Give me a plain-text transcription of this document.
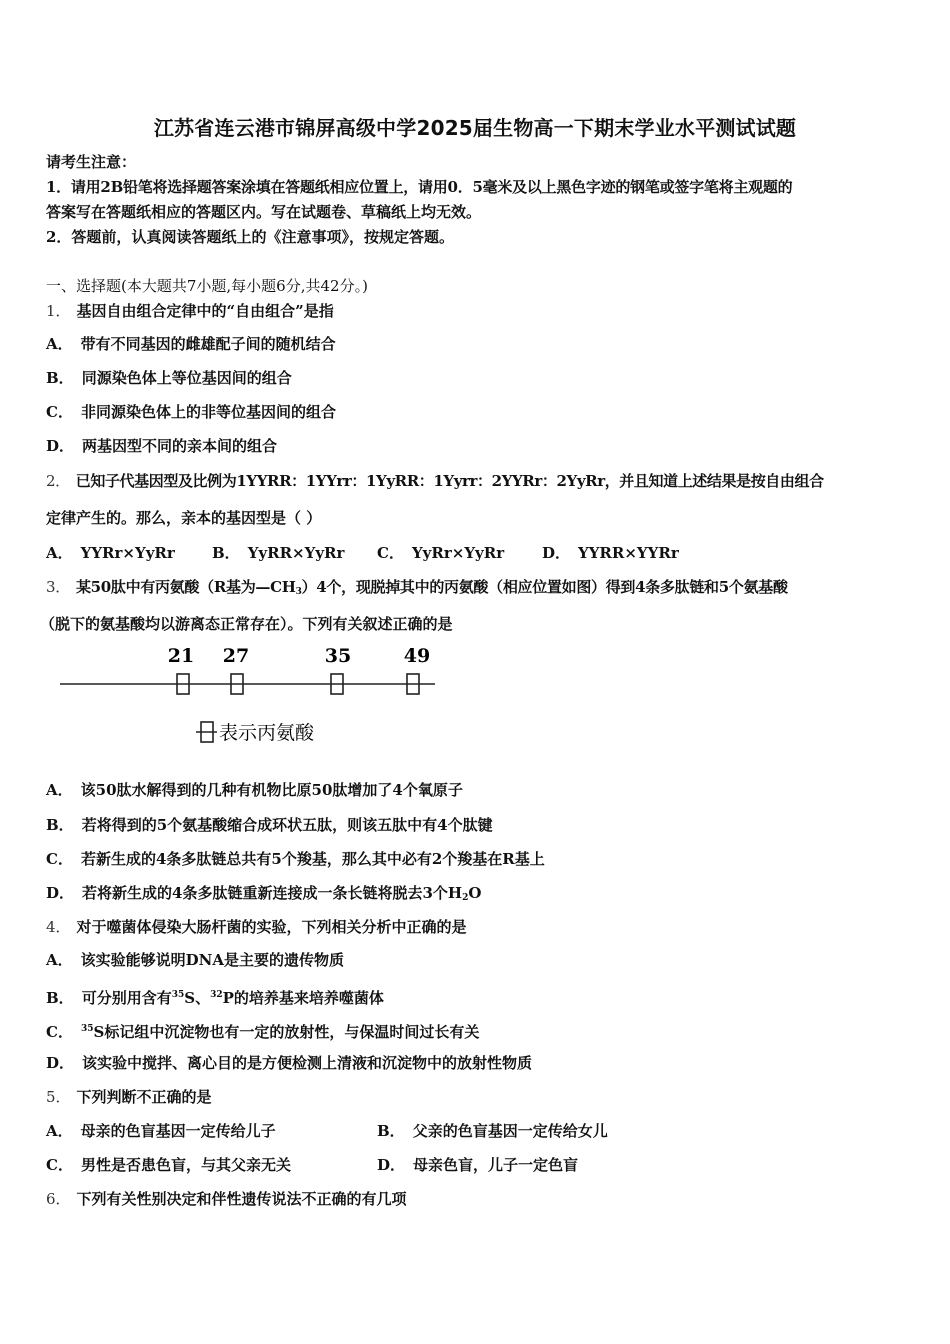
江苏省连云港市锦屏高级中学2025届生物高一下期末学业水平测试试题
请考生注意：
1．请用2B铅笔将选择题答案涂填在答题纸相应位置上，请用0．5毫米及以上黑色字迹的钢笔或签字笔将主观题的
答案写在答题纸相应的答题区内。写在试题卷、草稿纸上均无效。
2．答题前，认真阅读答题纸上的《注意事项》，按规定答题。
一、选择题(本大题共7小题,每小题6分,共42分。)
1． 基因自由组合定律中的“自由组合”是指
A． 带有不同基因的雌雄配子间的随机结合
B． 同源染色体上等位基因间的组合
C． 非同源染色体上的非等位基因间的组合
D． 两基因型不同的亲本间的组合
2． 已知子代基因型及比例为1YYRR：1YYrr：1YyRR：1Yyrr：2YYRr：2YyRr，并且知道上述结果是按自由组合
定律产生的。那么，亲本的基因型是（ ）
A． YYRr×YyRr B． YyRR×YyRr C． YyRr×YyRr	D． YYRR×YYRr
3． 某50肽中有丙氨酸（R基为$—CH_3)4$个，现脱掉其中的丙氨酸（相应位置如图）得到4条多肽链和5个氨基酸
（脱下的氨基酸均以游离态正常存在）。下列有关叙述正确的是
21 27	35	49
表示丙氨酸
A． 该50肽水解得到的几种有机物比原50肽增加了4个氧原子
B． 若将得到的5个氨基酸缩合成环状五肽，则该五肽中有4个肽键
C． 若新生成的4条多肽链总共有5个羧基，那么其中必有2个羧基在R基上
D． 若将新生成的4条多肽链重新连接成一条长链将脱去3个$H_2O$
4． 对于噬菌体侵染大肠杆菌的实验，下列相关分析中正确的是
A． 该实验能够说明DNA是主要的遗传物质
B． 可分别用含有$^{35}$S、$^{32}$P的培养基来培养噬菌体
C． $^{35}$S标记组中沉淀物也有一定的放射性，与保温时间过长有关
D． 该实验中搅拌、离心目的是方便检测上清液和沉淀物中的放射性物质
5． 下列判断不正确的是
A． 母亲的色盲基因一定传给儿子	B． 父亲的色盲基因一定传给女儿
C． 男性是否患色盲，与其父亲无关	D． 母亲色盲，儿子一定色盲
6． 下列有关性别决定和伴性遗传说法不正确的有几项
